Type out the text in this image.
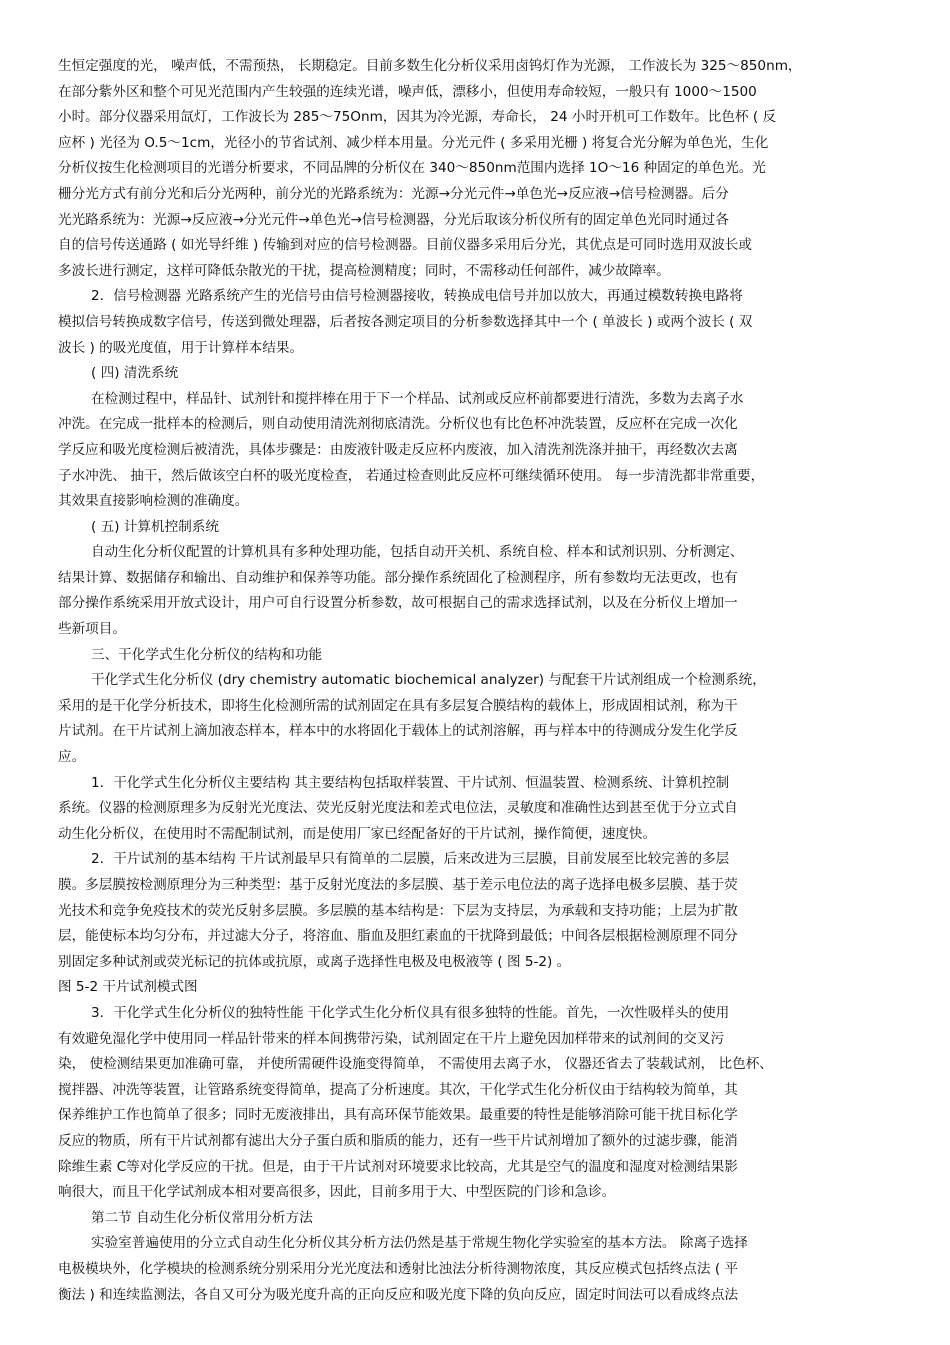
生恒定强度的光， 噪声低，不需预热， 长期稳定。目前多数生化分析仪采用卤钨灯作为光源， 工作波长为 325～850nm，
在部分紫外区和整个可见光范围内产生较强的连续光谱，噪声低，漂移小，但使用寿命较短，一般只有 1000～1500
小时。部分仪器采用氙灯，工作波长为 285～75Onm，因其为冷光源，寿命长， 24 小时开机可工作数年。比色杯 ( 反
应杯 ) 光径为 O.5～1cm，光径小的节省试剂、减少样本用量。分光元件 ( 多采用光栅 ) 将复合光分解为单色光，生化
分析仪按生化检测项目的光谱分析要求，不同品牌的分析仪在 340～850nm范围内选择 1O～16 种固定的单色光。光
栅分光方式有前分光和后分光两种，前分光的光路系统为：光源→分光元件→单色光→反应液→信号检测器。后分
光光路系统为：光源→反应液→分光元件→单色光→信号检测器，分光后取该分析仪所有的固定单色光同时通过各
自的信号传送通路 ( 如光导纤维 ) 传输到对应的信号检测器。目前仪器多采用后分光，其优点是可同时选用双波长或
多波长进行测定，这样可降低杂散光的干扰，提高检测精度；同时，不需移动任何部件，减少故障率。
2．信号检测器 光路系统产生的光信号由信号检测器接收，转换成电信号并加以放大，再通过模数转换电路将
模拟信号转换成数字信号，传送到微处理器，后者按各测定项目的分析参数选择其中一个 ( 单波长 ) 或两个波长 ( 双
波长 ) 的吸光度值，用于计算样本结果。
( 四) 清洗系统
在检测过程中，样品针、试剂针和搅拌棒在用于下一个样品、试剂或反应杯前都要进行清洗，多数为去离子水
冲洗。在完成一批样本的检测后，则自动使用清洗剂彻底清洗。分析仪也有比色杯冲洗装置，反应杯在完成一次化
学反应和吸光度检测后被清洗，具体步骤是：由废液针吸走反应杯内废液，加入清洗剂洗涤并抽干，再经数次去离
子水冲洗、 抽干，然后做该空白杯的吸光度检查， 若通过检查则此反应杯可继续循环使用。 每一步清洗都非常重要，
其效果直接影响检测的准确度。
( 五) 计算机控制系统
自动生化分析仪配置的计算机具有多种处理功能，包括自动开关机、系统自检、样本和试剂识别、分析测定、
结果计算、数据储存和输出、自动维护和保养等功能。部分操作系统固化了检测程序，所有参数均无法更改，也有
部分操作系统采用开放式设计，用户可自行设置分析参数，故可根据自己的需求选择试剂，以及在分析仪上增加一
些新项目。
三、干化学式生化分析仪的结构和功能
干化学式生化分析仪 (dry chemistry automatic biochemical analyzer) 与配套干片试剂组成一个检测系统，
采用的是干化学分析技术，即将生化检测所需的试剂固定在具有多层复合膜结构的载体上，形成固相试剂，称为干
片试剂。在干片试剂上滴加液态样本，样本中的水将固化于载体上的试剂溶解，再与样本中的待测成分发生化学反
应。
1．干化学式生化分析仪主要结构 其主要结构包括取样装置、干片试剂、恒温装置、检测系统、计算机控制
系统。仪器的检测原理多为反射光光度法、荧光反射光度法和差式电位法，灵敏度和准确性达到甚至优于分立式自
动生化分析仪，在使用时不需配制试剂，而是使用厂家已经配备好的干片试剂，操作简便，速度快。
2．干片试剂的基本结构 干片试剂最早只有简单的二层膜，后来改进为三层膜，目前发展至比较完善的多层
膜。多层膜按检测原理分为三种类型：基于反射光度法的多层膜、基于差示电位法的离子选择电极多层膜、基于荧
光技术和竞争免疫技术的荧光反射多层膜。多层膜的基本结构是：下层为支持层，为承载和支持功能；上层为扩散
层，能使标本均匀分布，并过滤大分子，将溶血、脂血及胆红素血的干扰降到最低；中间各层根据检测原理不同分
别固定多种试剂或荧光标记的抗体或抗原，或离子选择性电极及电极液等 ( 图 5-2) 。
图 5-2 干片试剂模式图
3．干化学式生化分析仪的独特性能 干化学式生化分析仪具有很多独特的性能。首先，一次性吸样头的使用
有效避免湿化学中使用同一样品针带来的样本间携带污染，试剂固定在干片上避免因加样带来的试剂间的交叉污
染， 使检测结果更加准确可靠， 并使所需硬件设施变得简单， 不需使用去离子水， 仪器还省去了装载试剂， 比色杯、
搅拌器、冲洗等装置，让管路系统变得简单，提高了分析速度。其次，干化学式生化分析仪由于结构较为简单，其
保养维护工作也简单了很多；同时无废液排出，具有高环保节能效果。最重要的特性是能够消除可能干扰目标化学
反应的物质，所有干片试剂都有滤出大分子蛋白质和脂质的能力，还有一些干片试剂增加了额外的过滤步骤，能消
除维生素 C等对化学反应的干扰。但是，由于干片试剂对环境要求比较高，尤其是空气的温度和湿度对检测结果影
响很大，而且干化学试剂成本相对要高很多，因此，目前多用于大、中型医院的门诊和急诊。
第二节 自动生化分析仪常用分析方法
实验室普遍使用的分立式自动生化分析仪其分析方法仍然是基于常规生物化学实验室的基本方法。 除离子选择
电极模块外，化学模块的检测系统分别采用分光光度法和透射比浊法分析待测物浓度，其反应模式包括终点法 ( 平
衡法 ) 和连续监测法，各自又可分为吸光度升高的正向反应和吸光度下降的负向反应，固定时间法可以看成终点法
